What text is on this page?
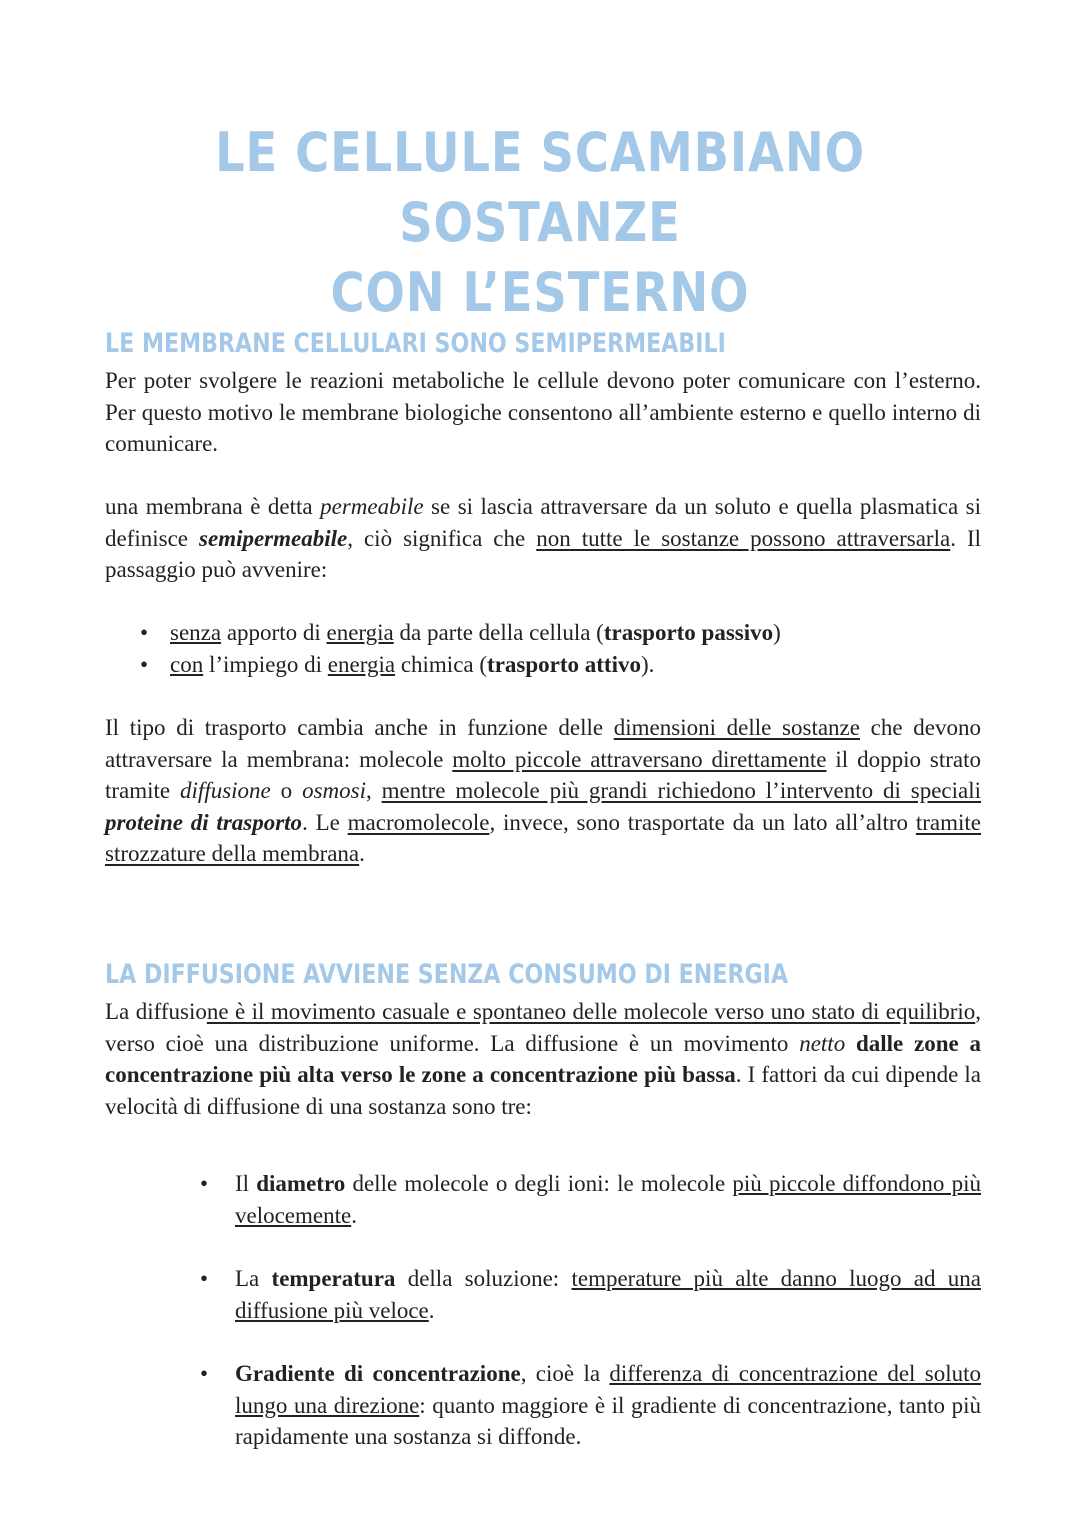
LE CELLULE SCAMBIANO SOSTANZE
CON L’ESTERNO
LE MEMBRANE CELLULARI SONO SEMIPERMEABILI

Per poter svolgere le reazioni metaboliche le cellule devono poter comunicare con l’esterno. Per questo motivo le membrane biologiche consentono all’ambiente esterno e quello interno di comunicare.

una membrana è detta permeabile se si lascia attraversare da un soluto e quella plasmatica si definisce semipermeabile, ciò significa che non tutte le sostanze possono attraversarla. Il passaggio può avvenire:

• senza apporto di energia da parte della cellula (trasporto passivo)
• con l’impiego di energia chimica (trasporto attivo).

Il tipo di trasporto cambia anche in funzione delle dimensioni delle sostanze che devono attraversare la membrana: molecole molto piccole attraversano direttamente il doppio strato tramite diffusione o osmosi, mentre molecole più grandi richiedono l’intervento di speciali proteine di trasporto. Le macromolecole, invece, sono trasportate da un lato all’altro tramite strozzature della membrana.

LA DIFFUSIONE AVVIENE SENZA CONSUMO DI ENERGIA

La diffusione è il movimento casuale e spontaneo delle molecole verso uno stato di equilibrio, verso cioè una distribuzione uniforme. La diffusione è un movimento netto dalle zone a concentrazione più alta verso le zone a concentrazione più bassa. I fattori da cui dipende la velocità di diffusione di una sostanza sono tre:

• Il diametro delle molecole o degli ioni: le molecole più piccole diffondono più velocemente.
• La temperatura della soluzione: temperature più alte danno luogo ad una diffusione più veloce.
• Gradiente di concentrazione, cioè la differenza di concentrazione del soluto lungo una direzione: quanto maggiore è il gradiente di concentrazione, tanto più rapidamente una sostanza si diffonde.
